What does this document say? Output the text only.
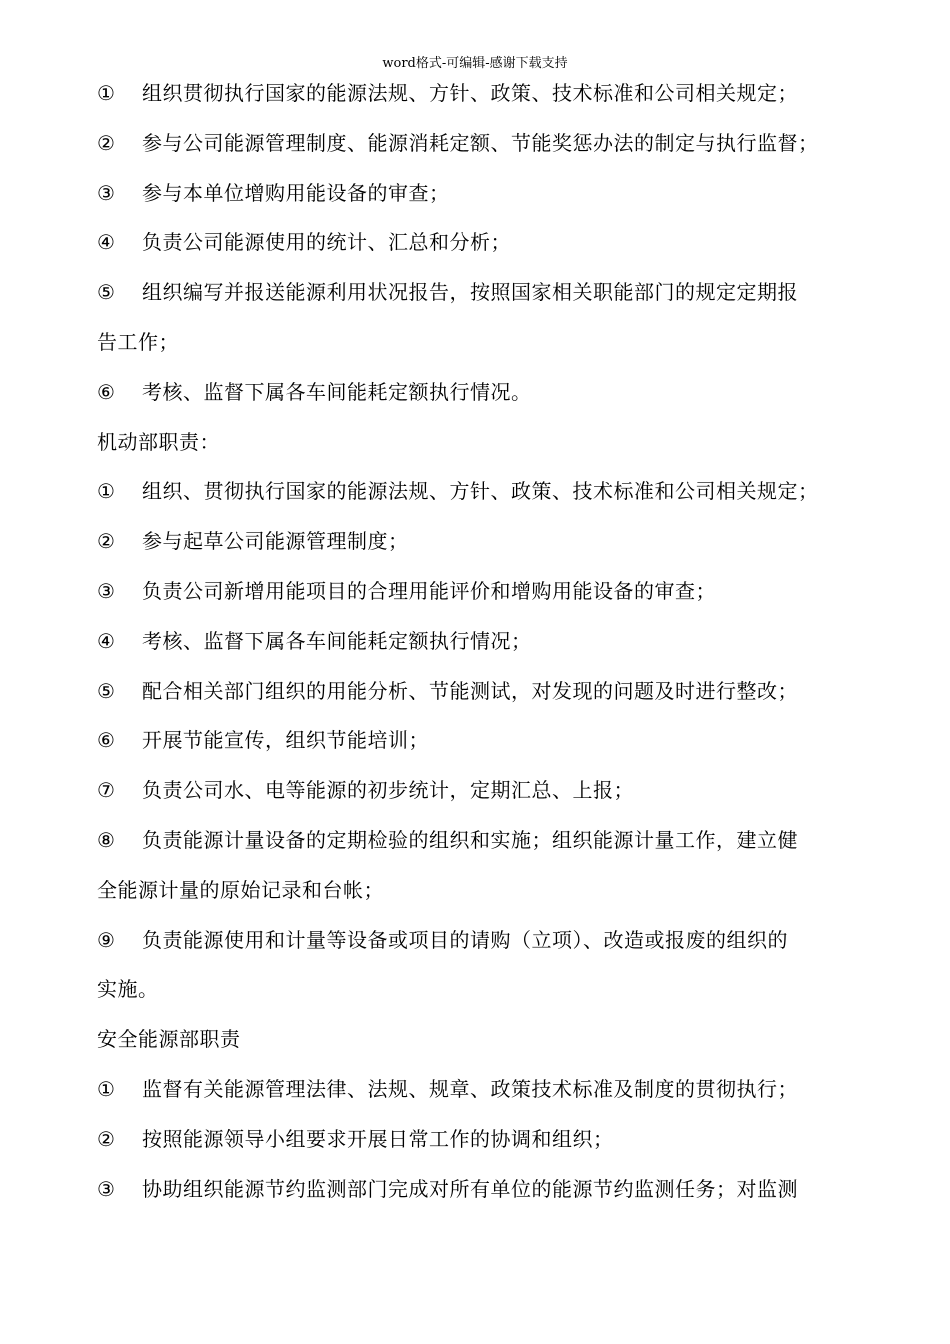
word格式-可编辑-感谢下载支持
① 组织贯彻执行国家的能源法规、方针、政策、技术标准和公司相关规定；
② 参与公司能源管理制度、能源消耗定额、节能奖惩办法的制定与执行监督；
③ 参与本单位增购用能设备的审查；
④ 负责公司能源使用的统计、汇总和分析；
⑤ 组织编写并报送能源利用状况报告，按照国家相关职能部门的规定定期报
告工作；
⑥ 考核、监督下属各车间能耗定额执行情况。
机动部职责：
① 组织、贯彻执行国家的能源法规、方针、政策、技术标准和公司相关规定；
② 参与起草公司能源管理制度；
③ 负责公司新增用能项目的合理用能评价和增购用能设备的审查；
④ 考核、监督下属各车间能耗定额执行情况；
⑤ 配合相关部门组织的用能分析、节能测试，对发现的问题及时进行整改；
⑥ 开展节能宣传，组织节能培训；
⑦ 负责公司水、电等能源的初步统计，定期汇总、上报；
⑧ 负责能源计量设备的定期检验的组织和实施；组织能源计量工作，建立健
全能源计量的原始记录和台帐；
⑨ 负责能源使用和计量等设备或项目的请购（立项）、改造或报废的组织的
实施。
安全能源部职责
① 监督有关能源管理法律、法规、规章、政策技术标准及制度的贯彻执行；
② 按照能源领导小组要求开展日常工作的协调和组织；
③ 协助组织能源节约监测部门完成对所有单位的能源节约监测任务；对监测
